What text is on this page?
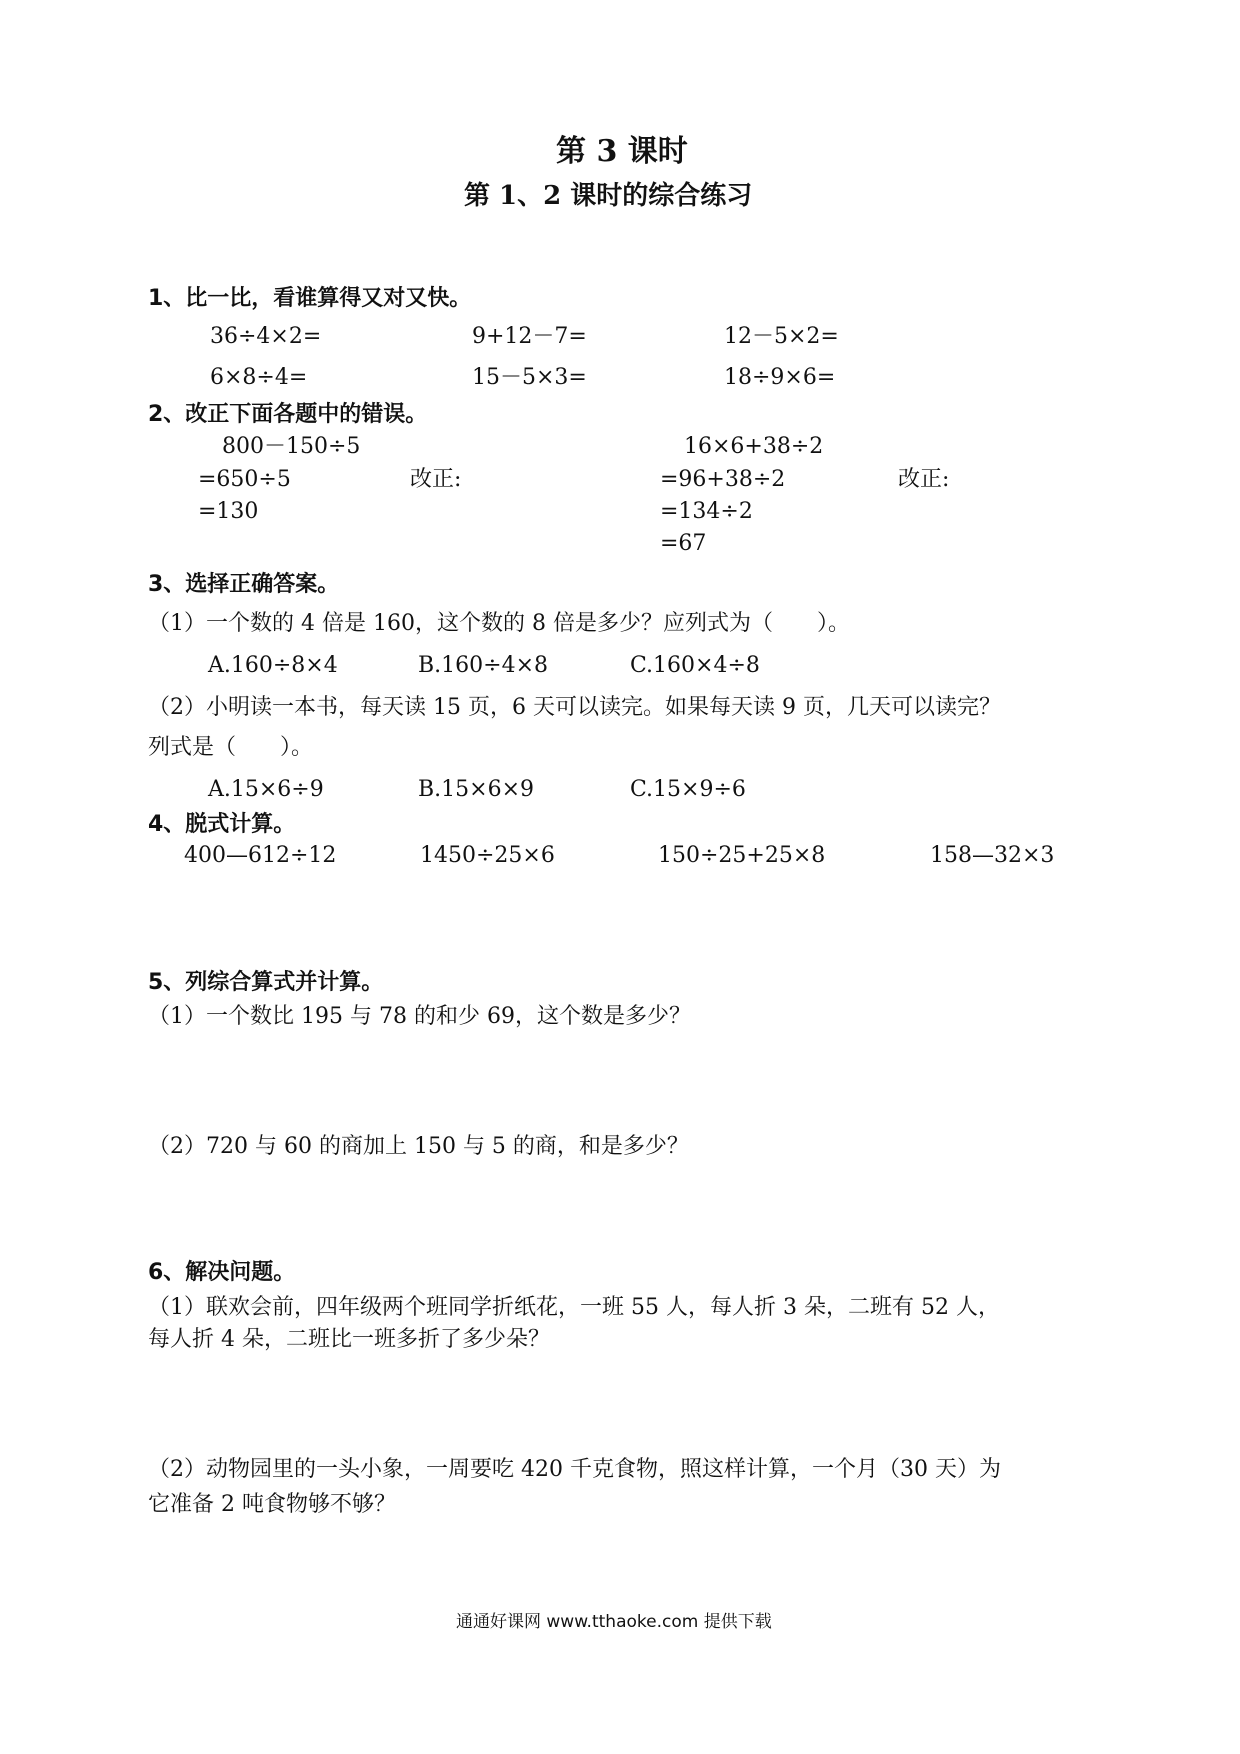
第 3 课时
第 1、2 课时的综合练习
1、比一比，看谁算得又对又快。
36÷4×2=	9+12－7=	12－5×2=
6×8÷4=	15－5×3=	18÷9×6=
2、改正下面各题中的错误。
800－150÷5
=650÷5	改正:
=130
16×6+38÷2
=96+38÷2	改正:
=134÷2
=67
3、选择正确答案。
（1）一个数的 4 倍是 160，这个数的 8 倍是多少？应列式为（　　）。
A.160÷8×4	B.160÷4×8	C.160×4÷8
（2）小明读一本书，每天读 15 页，6 天可以读完。如果每天读 9 页，几天可以读完？
列式是（　　）。
A.15×6÷9	B.15×6×9	C.15×9÷6
4、脱式计算。
400—612÷12	1450÷25×6	150÷25+25×8	158—32×3
5、列综合算式并计算。
（1）一个数比 195 与 78 的和少 69，这个数是多少？
（2）720 与 60 的商加上 150 与 5 的商，和是多少？
6、解决问题。
（1）联欢会前，四年级两个班同学折纸花，一班 55 人，每人折 3 朵，二班有 52 人，
每人折 4 朵，二班比一班多折了多少朵？
（2）动物园里的一头小象，一周要吃 420 千克食物，照这样计算，一个月（30 天）为
它准备 2 吨食物够不够？
通通好课网 www.tthaoke.com 提供下载
